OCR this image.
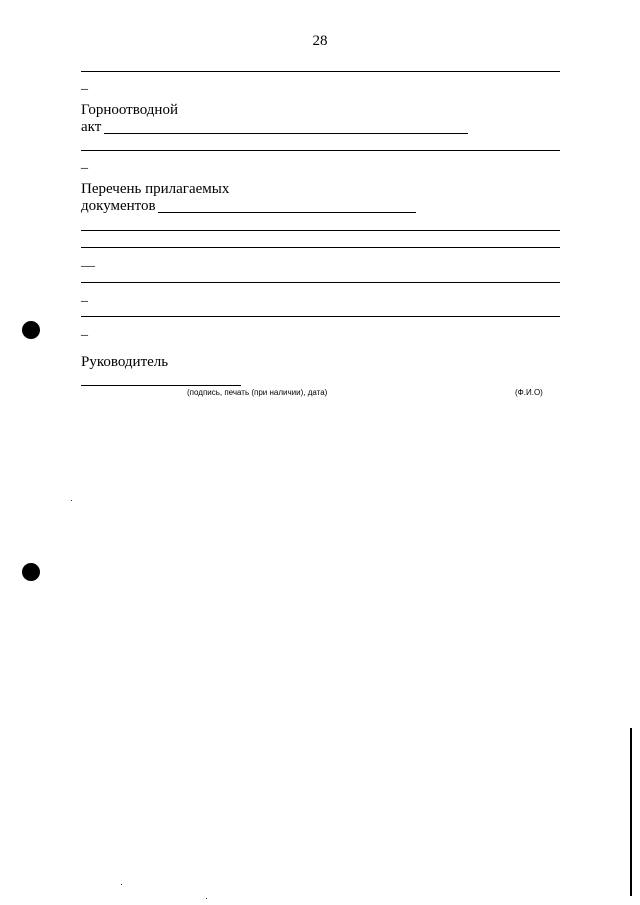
28
_
Горноотводной
акт
_
Перечень прилагаемых
документов
__
_
_
Руководитель
(подпись, печать (при наличии), дата)	(Ф.И.О)
